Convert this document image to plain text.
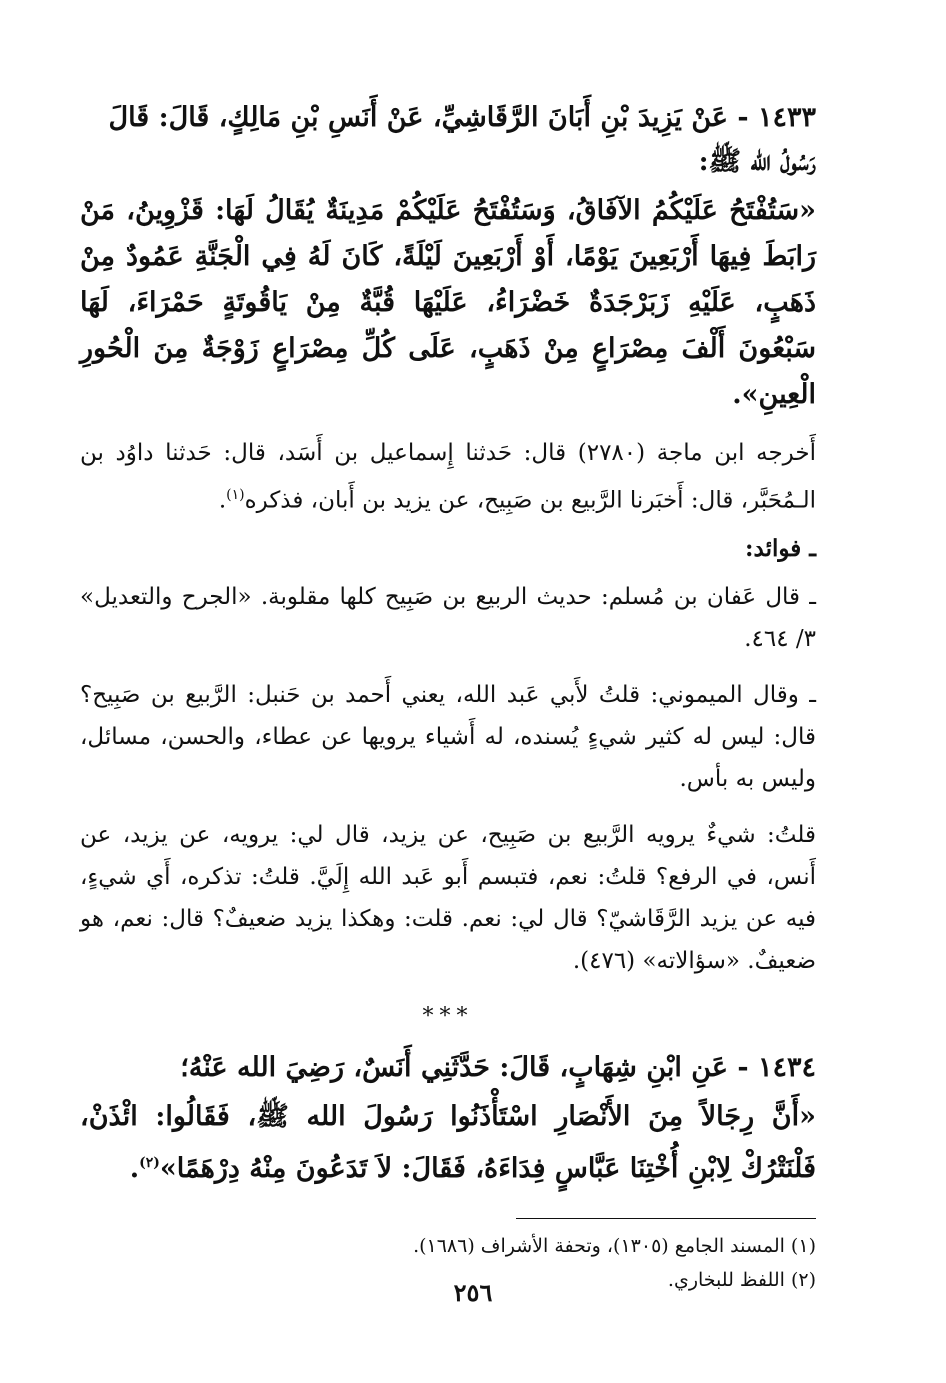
١٤٣٣ - عَنْ يَزِيدَ بْنِ أَبَانَ الرَّقَاشِيِّ، عَنْ أَنَسِ بْنِ مَالِكٍ، قَالَ: قَالَ
رَسُولُ الله ﷺ:

«سَتُفْتَحُ عَلَيْكُمُ الآفَاقُ، وَسَتُفْتَحُ عَلَيْكُمْ مَدِينَةٌ يُقَالُ لَهَا: قَزْوِينُ، مَنْ رَابَطَ فِيهَا أَرْبَعِينَ يَوْمًا، أَوْ أَرْبَعِينَ لَيْلَةً، كَانَ لَهُ فِي الْجَنَّةِ عَمُودٌ مِنْ ذَهَبٍ، عَلَيْهِ زَبَرْجَدَةٌ خَضْرَاءُ، عَلَيْهَا قُبَّةٌ مِنْ يَاقُوتَةٍ حَمْرَاءَ، لَهَا سَبْعُونَ أَلْفَ مِصْرَاعٍ مِنْ ذَهَبٍ، عَلَى كُلِّ مِصْرَاعٍ زَوْجَةٌ مِنَ الْحُورِ الْعِينِ».

أَخرجه ابن ماجة (٢٧٨٠) قال: حَدثنا إِسماعيل بن أَسَد، قال: حَدثنا داوُد بن الـمُحَبَّر، قال: أَخبَرنا الرَّبيع بن صَبِيح، عن يزيد بن أَبان، فذكره$^{(١)}$.

ـ فوائد:

ـ قال عَفان بن مُسلم: حديث الربيع بن صَبِيح كلها مقلوبة. «الجرح والتعديل» ٣/ ٤٦٤.

ـ وقال الميموني: قلتُ لأَبي عَبد الله، يعني أَحمد بن حَنبل: الرَّبيع بن صَبِيح؟ قال: ليس له كثير شيءٍ يُسنده، له أَشياء يرويها عن عطاء، والحسن، مسائل، وليس به بأس.

قلتُ: شيءٌ يرويه الرَّبيع بن صَبِيح، عن يزيد، قال لي: يرويه، عن يزيد، عن أَنس، في الرفع؟ قلتُ: نعم، فتبسم أَبو عَبد الله إِلَيَّ. قلتُ: تذكره، أَي شيءٍ، فيه عن يزيد الرَّقَاشيّ؟ قال لي: نعم. قلت: وهكذا يزيد ضعيفٌ؟ قال: نعم، هو ضعيفٌ. «سؤالاته» (٤٧٦).

***

١٤٣٤ - عَنِ ابْنِ شِهَابٍ، قَالَ: حَدَّثَنِي أَنَسٌ، رَضِيَ الله عَنْهُ؛

«أَنَّ رِجَالاً مِنَ الأَنْصَارِ اسْتَأْذَنُوا رَسُولَ الله ﷺ، فَقَالُوا: ائْذَنْ، فَلْنَتْرُكْ لِابْنِ أُخْتِنَا عَبَّاسٍ فِدَاءَهُ، فَقَالَ: لاَ تَدَعُونَ مِنْهُ دِرْهَمًا»$^{(٢)}$.

(١) المسند الجامع (١٣٠٥)، وتحفة الأشراف (١٦٨٦).
(٢) اللفظ للبخاري.
٢٥٦
